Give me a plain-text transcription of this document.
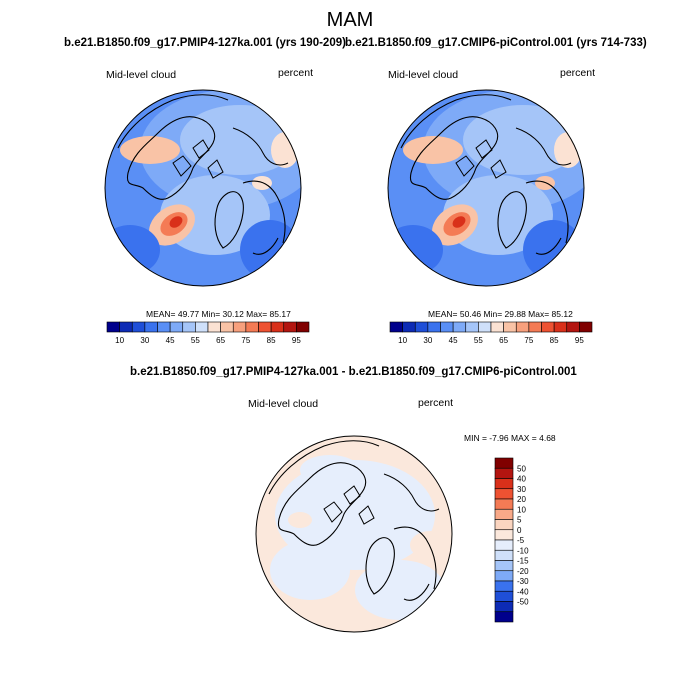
MAM
b.e21.B1850.f09_g17.PMIP4-127ka.001 (yrs 190-209)
Mid-level cloud	percent
MEAN= 49.77 Min= 30.12 Max= 85.17
b.e21.B1850.f09_g17.CMIP6-piControl.001 (yrs 714-733)
Mid-level cloud	percent
MEAN= 50.46 Min= 29.88 Max= 85.12
b.e21.B1850.f09_g17.PMIP4-127ka.001 - b.e21.B1850.f09_g17.CMIP6-piControl.001
Mid-level cloud	percent
MIN = -7.96 MAX = 4.68
10 30 45 55 65 75 85 95	10 30 45 55 65 75 85 95
50
40
30
20
10
5
0
-5
-10
-15
-20
-30
-40
-50
